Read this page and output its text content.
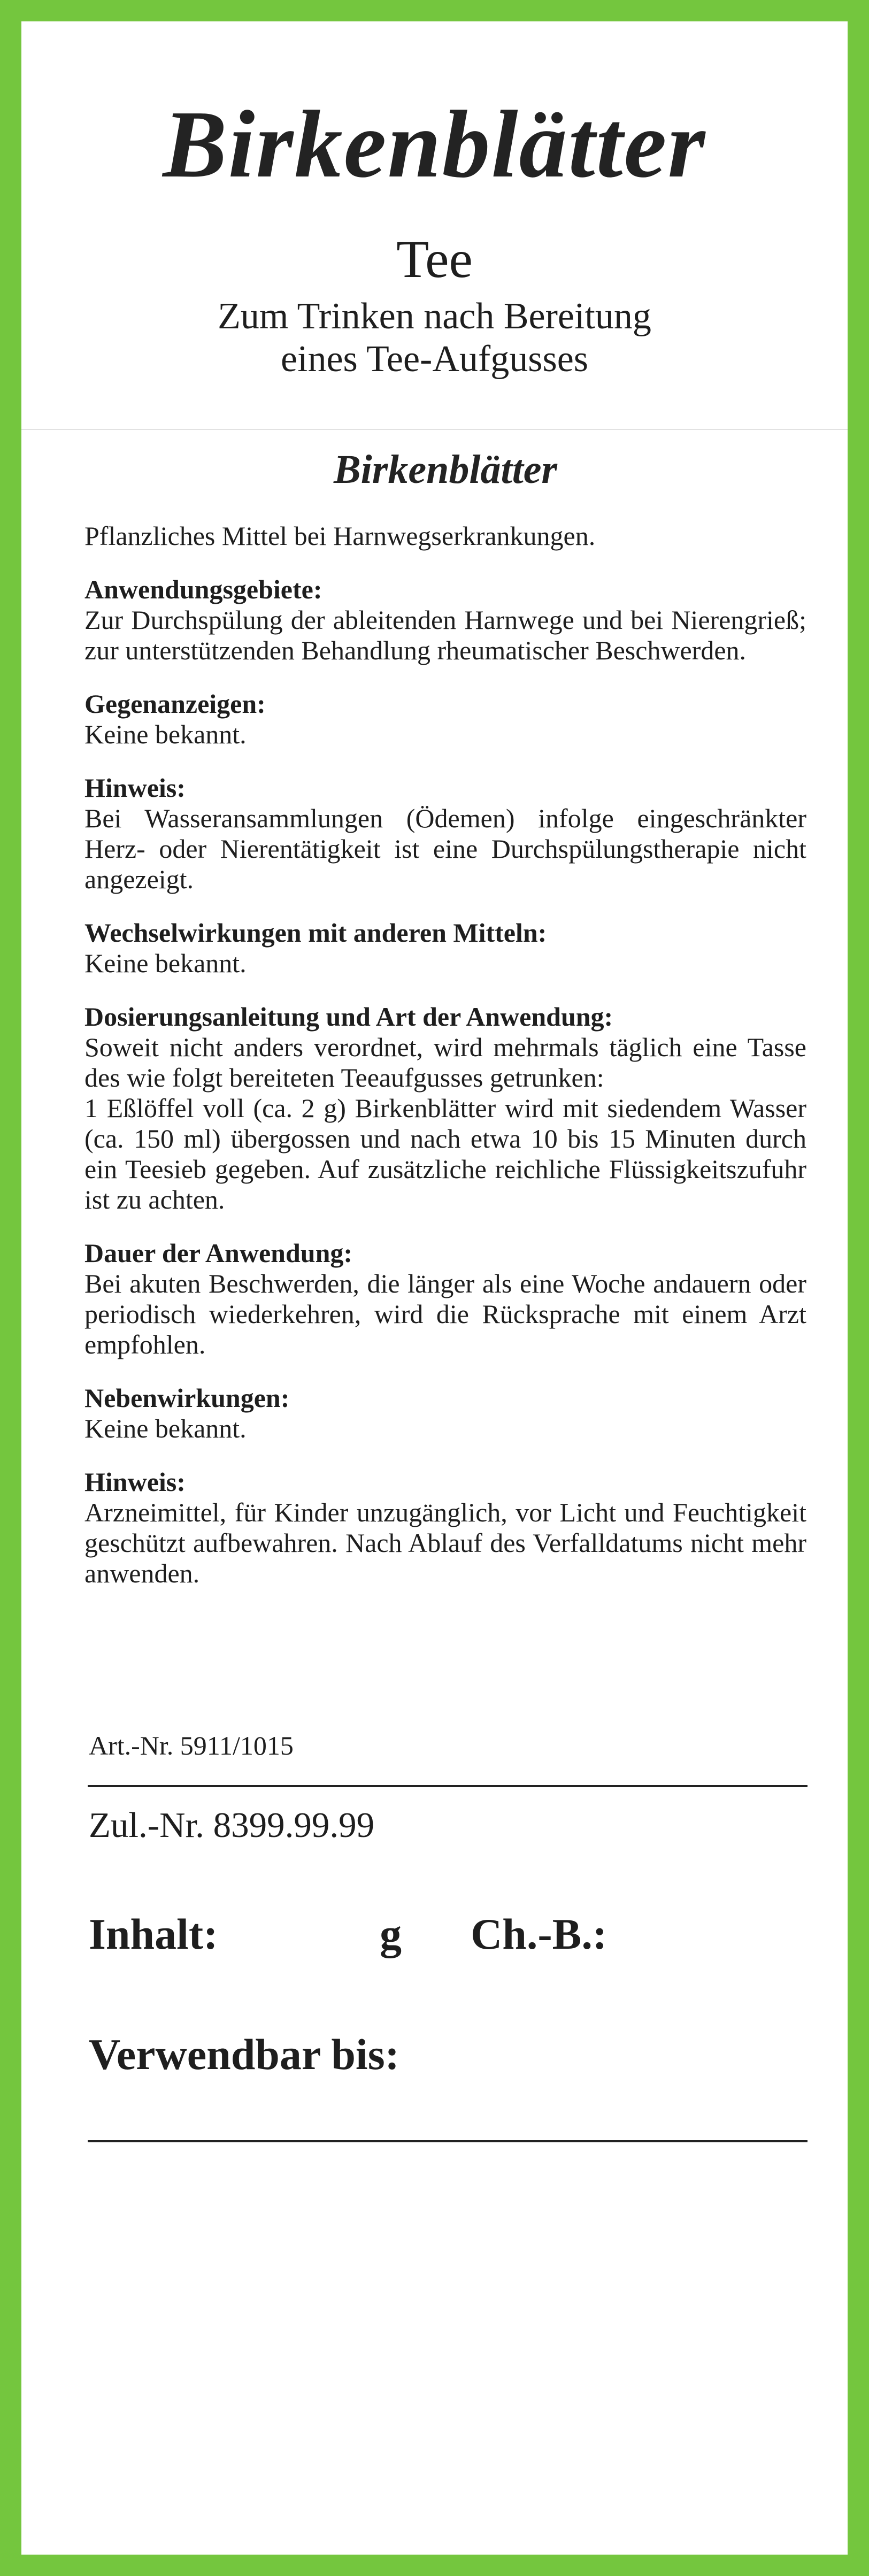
Birkenblätter
Tee
Zum Trinken nach Bereitung
eines Tee-Aufgusses
Birkenblätter

Pflanzliches Mittel bei Harnwegserkrankungen.

Anwendungsgebiete:

Zur Durchspülung der ableitenden Harnwege und bei Nierengrieß; zur unterstützenden Behandlung rheumatischer Beschwerden.

Gegenanzeigen:

Keine bekannt.

Hinweis:

Bei Wasseransammlungen (Ödemen) infolge eingeschränkter Herz- oder Nierentätigkeit ist eine Durchspülungstherapie nicht angezeigt.

Wechselwirkungen mit anderen Mitteln:

Keine bekannt.

Dosierungsanleitung und Art der Anwendung:

Soweit nicht anders verordnet, wird mehrmals täglich eine Tasse des wie folgt bereiteten Teeaufgusses getrunken:

1 Eßlöffel voll (ca. 2 g) Birkenblätter wird mit siedendem Wasser (ca. 150 ml) übergossen und nach etwa 10 bis 15 Minuten durch ein Teesieb gegeben. Auf zusätzliche reichliche Flüssigkeitszufuhr ist zu achten.

Dauer der Anwendung:

Bei akuten Beschwerden, die länger als eine Woche andauern oder periodisch wiederkehren, wird die Rücksprache mit einem Arzt empfohlen.

Nebenwirkungen:

Keine bekannt.

Hinweis:

Arzneimittel, für Kinder unzugänglich, vor Licht und Feuchtigkeit geschützt aufbewahren. Nach Ablauf des Verfalldatums nicht mehr anwenden.

Art.-Nr. 5911/1015
Zul.-Nr. 8399.99.99
Inhalt:	g Ch.-B.:
Verwendbar bis:
